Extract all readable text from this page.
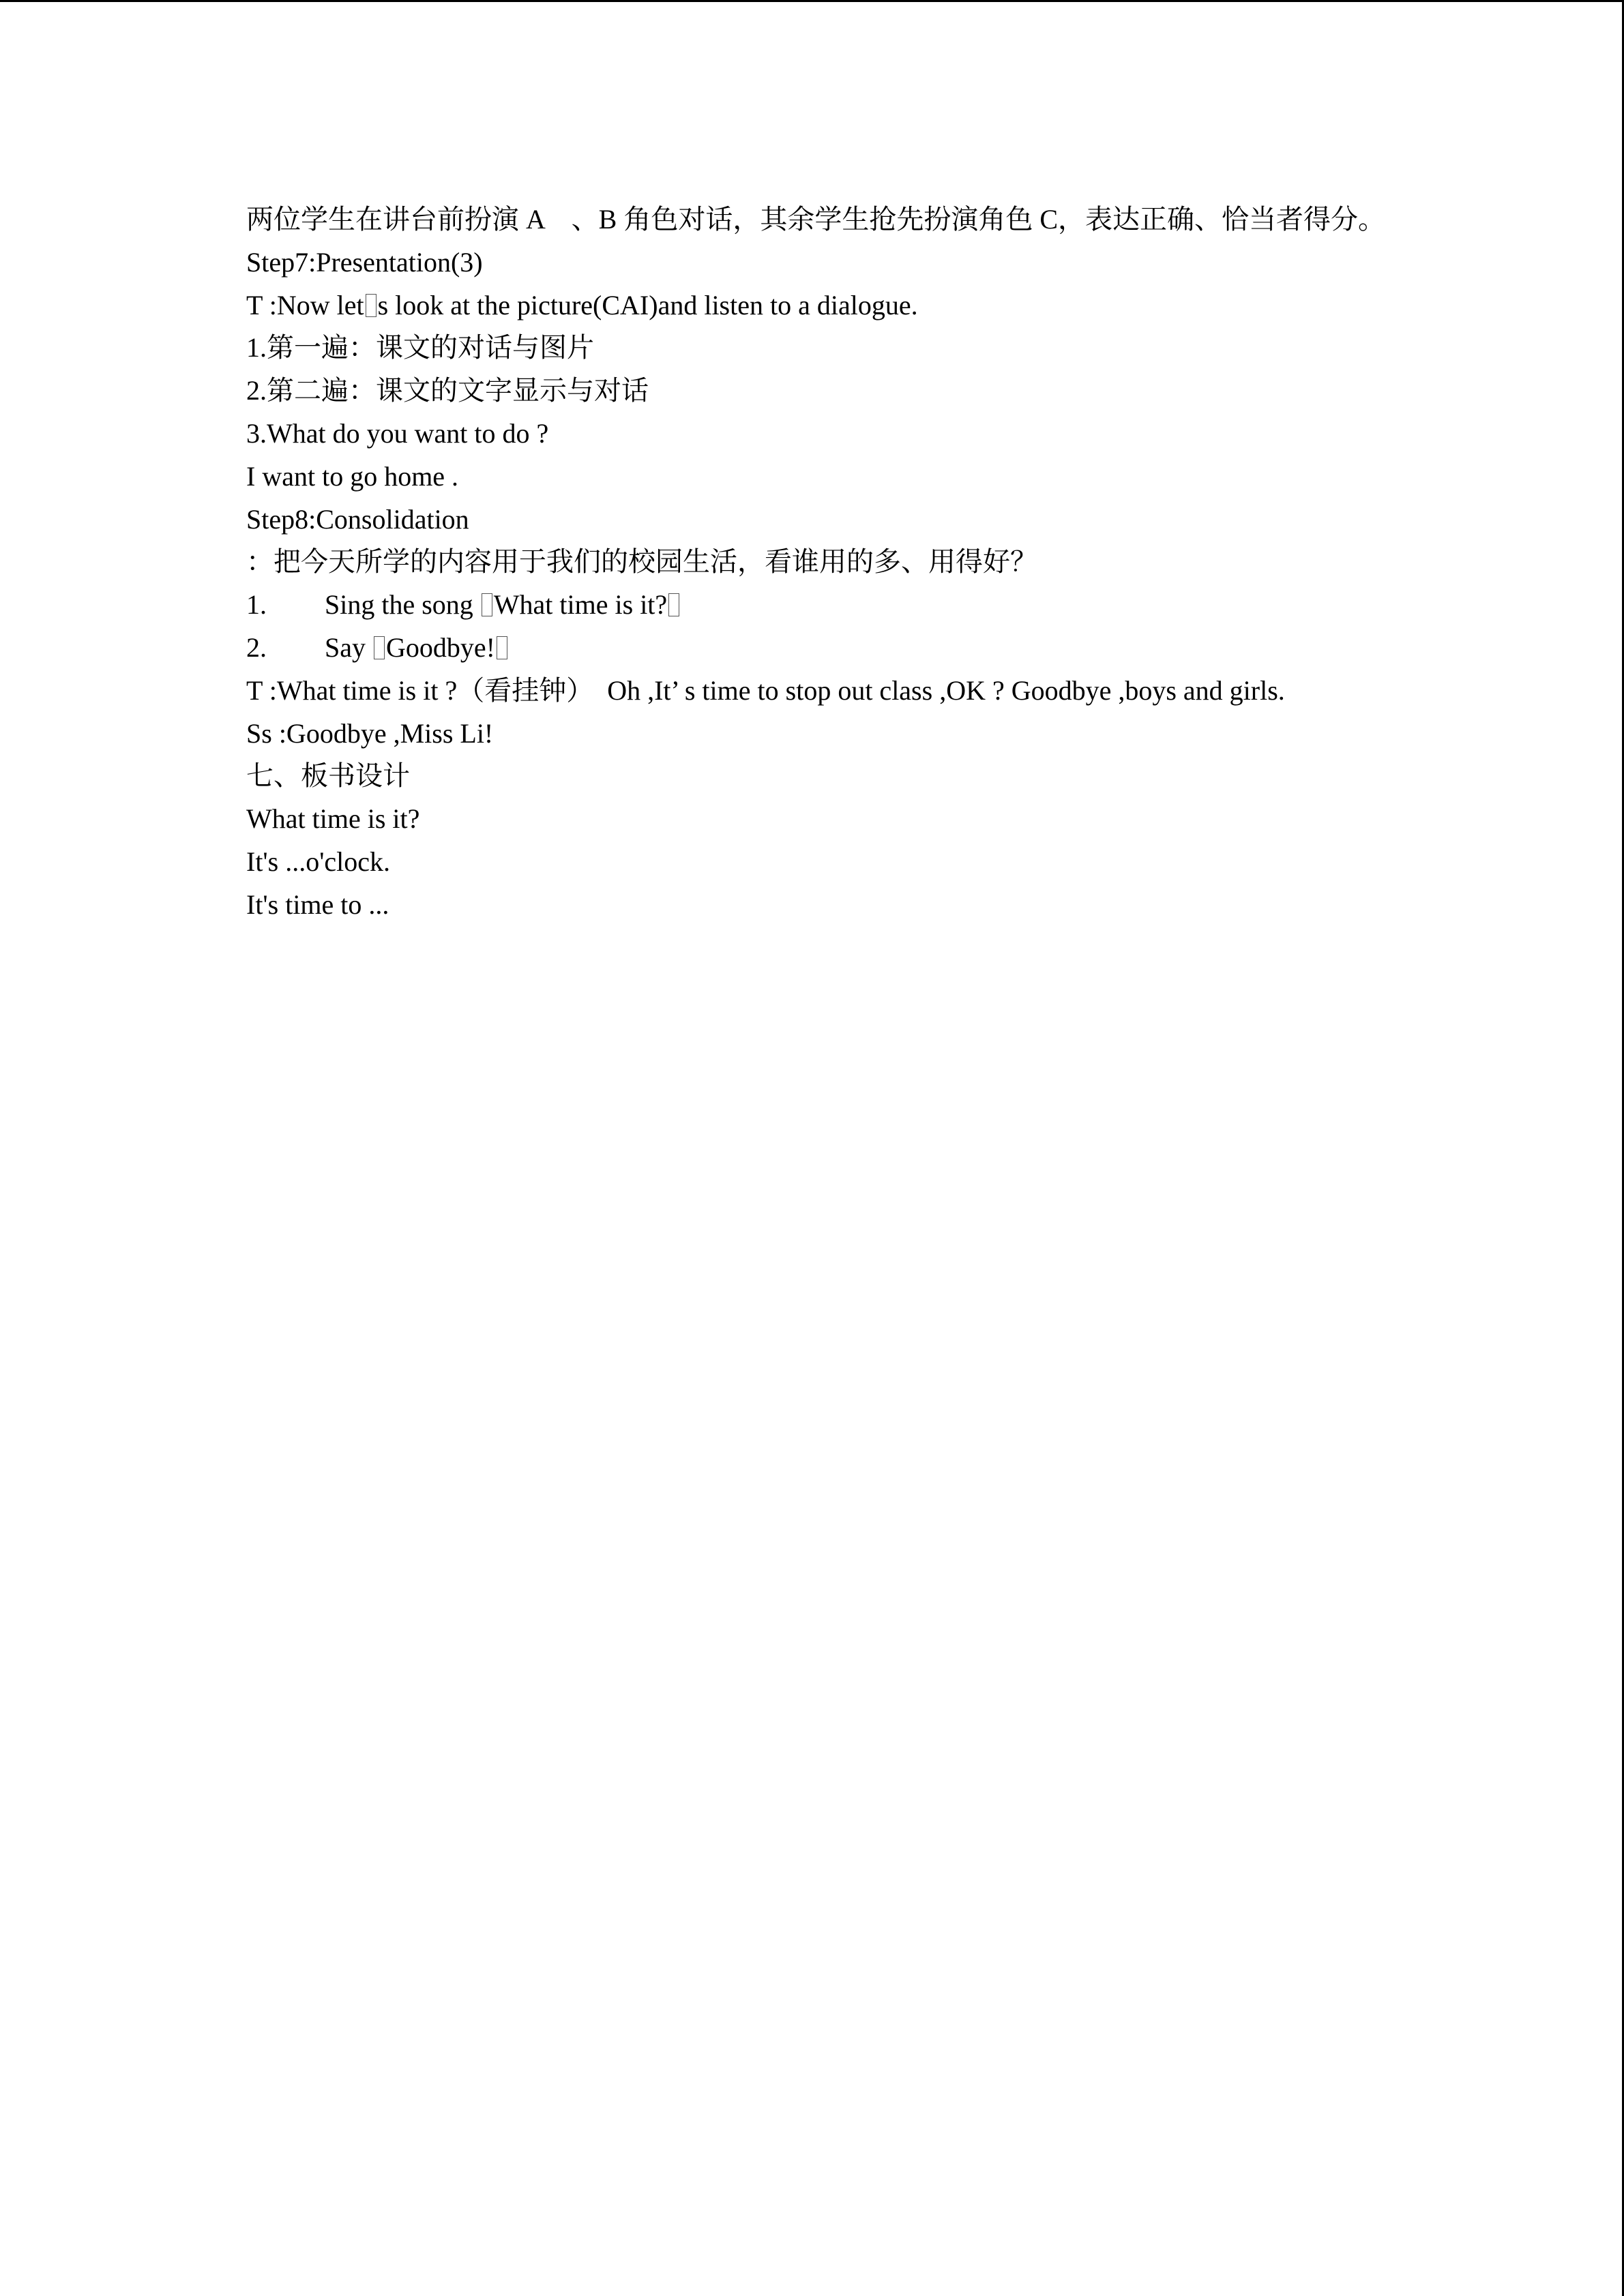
两位学生在讲台前扮演 A　、B 角色对话，其余学生抢先扮演角色 C，表达正确、恰当者得分。
Step7:Presentation(3)
T :Now let s look at the picture(CAI)and listen to a dialogue.
1.第一遍：课文的对话与图片
2.第二遍：课文的文字显示与对话
3.What do you want to do ?
I want to go home .
Step8:Consolidation
：把今天所学的内容用于我们的校园生活，看谁用的多、用得好？
1. Sing the song What time is it?
2. Say Goodbye!
T :What time is it ?（看挂钟）  Oh ,It’ s time to stop out class ,OK ? Goodbye ,boys and girls.
Ss :Goodbye ,Miss Li!
七、板书设计
What time is it?
It's ...o'clock.
It's time to ...
